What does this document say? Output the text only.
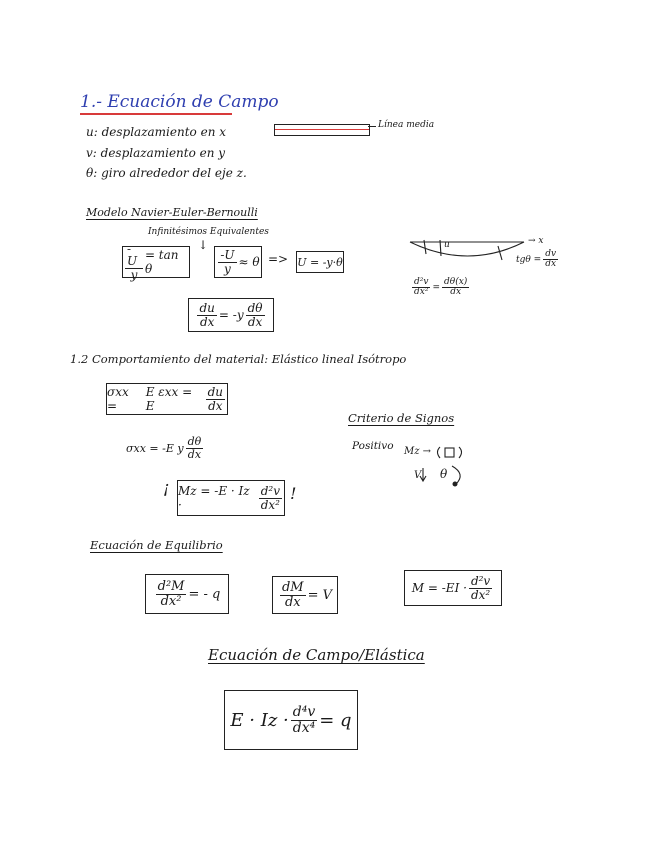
1.- Ecuación de Campo
u: desplazamiento en x
v: desplazamiento en y
θ: giro alrededor del eje z.
Línea media
Modelo Navier-Euler-Bernoulli
Infinitésimos Equivalentes
↓
$\frac{-U}{y} = \tan \theta$	$\frac{-U}{y} \approx \theta => U = -y\cdot\theta$
$\frac{du}{dx} = -y \frac{d\theta}{dx}$
u	→ x
$tg\theta = \frac{dv}{dx}$
$\frac{\text{d²v}}{\text{dx²}} = \frac{d\theta(x)}{dx}$
1.2 Comportamiento del material: Elástico lineal Isótropo
σxx =

E εxx = E	$\frac{du}{dx}$
σxx = -E y $\frac{d\theta}{dx}$
¡ Mz = -E · Iz ·	$\frac{\text{d²v}}{\text{dx²}}$ !
Criterio de Signos
Positivo Mz →
V θ
Ecuación de Equilibrio
$\frac{\text{d²M}}{\text{dx²}}$ = - q	$\frac{dM}{dx} = V$	$M = -EI \cdot \frac{\text{d²v}}{\text{dx²}}$
Ecuación de Campo/Elástica
$E \cdot Iz \cdot \frac{\text{d⁴v}}{\text{dx⁴}} = q$
